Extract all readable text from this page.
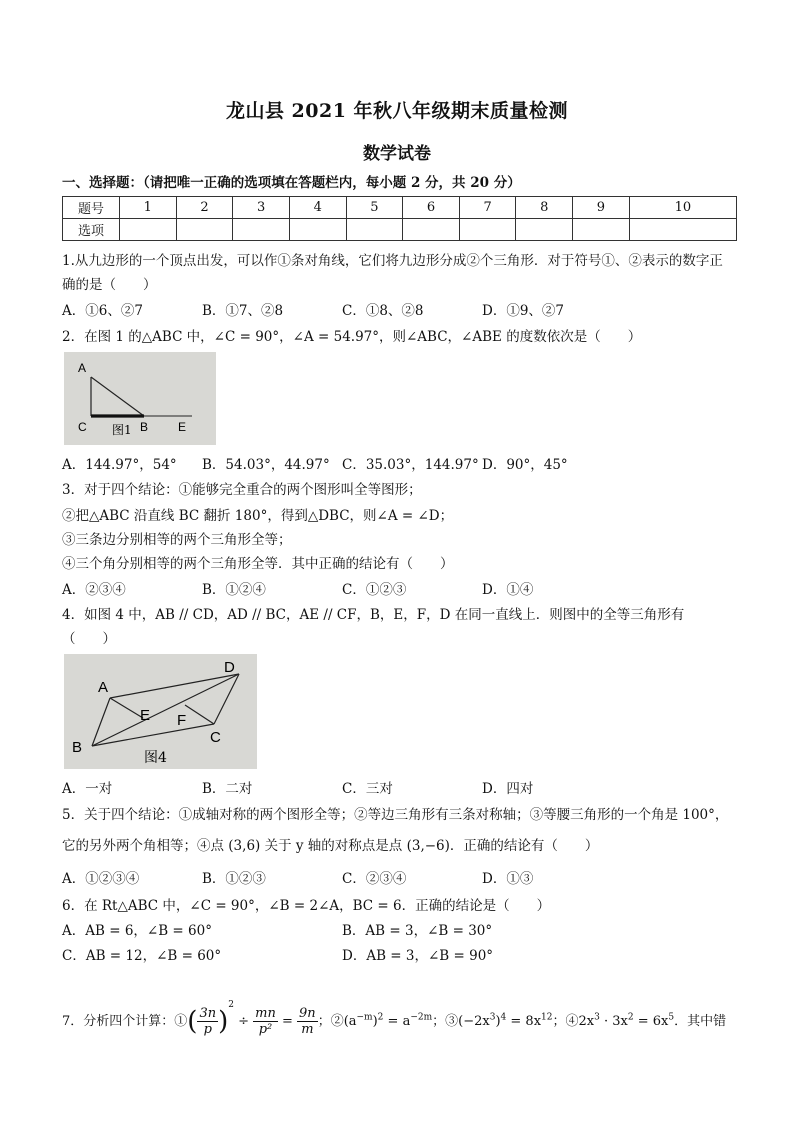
龙山县 2021 年秋八年级期末质量检测
数学试卷
一、选择题：（请把唯一正确的选项填在答题栏内，每小题 2 分，共 20 分）
题号	1	2	3	4	5	6	7	8	9	10
选项										
1.从九边形的一个顶点出发，可以作①条对角线，它们将九边形分成②个三角形．对于符号①、②表示的数字正
确的是（　　）
A．①6、②7	B．①7、②8	C．①8、②8	D．①9、②7
2．在图 1 的△ABC 中，∠C = 90°，∠A = 54.97°，则∠ABC，∠ABE 的度数依次是（　　）
A
C	B E
图1
A．144.97°，54° B．54.03°，44.97° C．35.03°，144.97° D．90°，45°
3．对于四个结论：①能够完全重合的两个图形叫全等图形；
②把△ABC 沿直线 BC 翻折 180°，得到△DBC，则∠A = ∠D；
③三条边分别相等的两个三角形全等；
④三个角分别相等的两个三角形全等．其中正确的结论有（　　）
A．②③④	B．①②④	C．①②③	D．①④
4．如图 4 中，AB // CD，AD // BC，AE // CF，B，E，F，D 在同一直线上．则图中的全等三角形有
（　　）
A
D
E F
B
C
图4
A．一对	B．二对	C．三对	D．四对
5．关于四个结论：①成轴对称的两个图形全等；②等边三角形有三条对称轴；③等腰三角形的一个角是 100°，
它的另外两个角相等；④点 (3,6) 关于 y 轴的对称点是点 (3,−6)．正确的结论有（　　）
A．①②③④	B．①②③	C．②③④	D．①③
6．在 Rt△ABC 中，∠C = 90°，∠B = 2∠A，BC = 6．正确的结论是（　　）
A．AB = 6，∠B = 60°	B．AB = 3，∠B = 30°
C．AB = 12，∠B = 60°	D．AB = 3，∠B = 90°
7．分析四个计算：①( $\frac{3n}{p} )^2 \div \frac{mn}{\text{p²}} = \frac{9n}{m}$ ；$②(a^{-m})^2 = a^{-2m}$；$③(-2x^3)^4 = 8x^{12}$；$④2x^3 \cdot 3x^2 = 6x^5$．其中错
